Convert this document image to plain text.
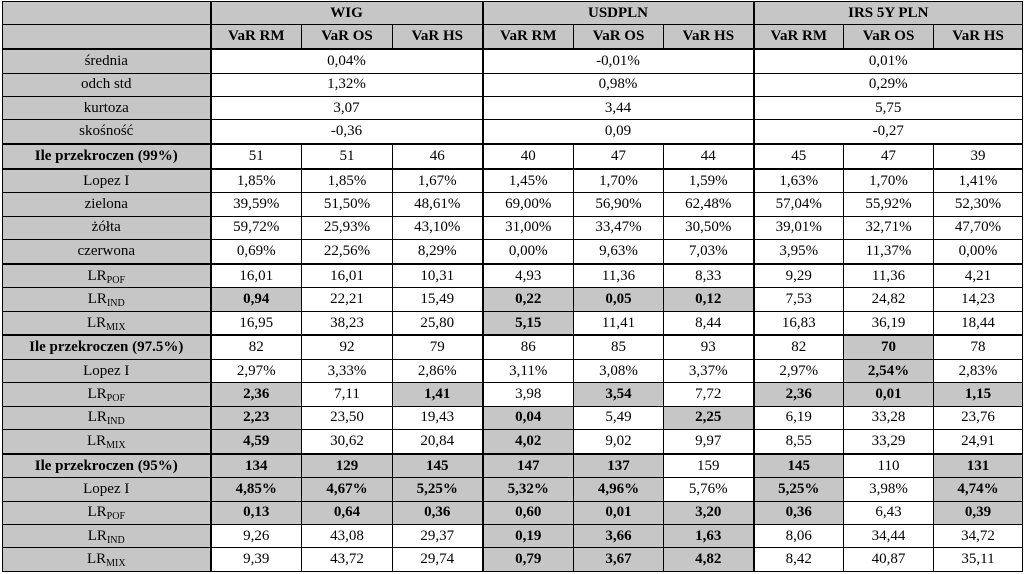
	WIG			USDPLN			IRS 5Y PLN		
	VaR RM	VaR OS	VaR HS	VaR RM	VaR OS	VaR HS	VaR RM	VaR OS	VaR HS
średnia	0,04%			-0,01%			0,01%		
odch std	1,32%			0,98%			0,29%		
kurtoza	3,07			3,44			5,75		
skośność	-0,36			0,09			-0,27		
Ile przekroczen (99%)	51	51	46	40	47	44	45	47	39
Lopez I	1,85%	1,85%	1,67%	1,45%	1,70%	1,59%	1,63%	1,70%	1,41%
zielona	39,59%	51,50%	48,61%	69,00%	56,90%	62,48%	57,04%	55,92%	52,30%
żółta	59,72%	25,93%	43,10%	31,00%	33,47%	30,50%	39,01%	32,71%	47,70%
czerwona	0,69%	22,56%	8,29%	0,00%	9,63%	7,03%	3,95%	11,37%	0,00%
$LR_{POF}$	16,01	16,01	10,31	4,93	11,36	8,33	9,29	11,36	4,21
$LR_{IND}$	0,94	22,21	15,49	0,22	0,05	0,12	7,53	24,82	14,23
$LR_{MIX}$	16,95	38,23	25,80	5,15	11,41	8,44	16,83	36,19	18,44
Ile przekroczen (97.5%)	82	92	79	86	85	93	82	70	78
Lopez I	2,97%	3,33%	2,86%	3,11%	3,08%	3,37%	2,97%	2,54%	2,83%
$LR_{POF}$	2,36	7,11	1,41	3,98	3,54	7,72	2,36	0,01	1,15
$LR_{IND}$	2,23	23,50	19,43	0,04	5,49	2,25	6,19	33,28	23,76
$LR_{MIX}$	4,59	30,62	20,84	4,02	9,02	9,97	8,55	33,29	24,91
Ile przekroczen (95%)	134	129	145	147	137	159	145	110	131
Lopez I	4,85%	4,67%	5,25%	5,32%	4,96%	5,76%	5,25%	3,98%	4,74%
$LR_{POF}$	0,13	0,64	0,36	0,60	0,01	3,20	0,36	6,43	0,39
$LR_{IND}$	9,26	43,08	29,37	0,19	3,66	1,63	8,06	34,44	34,72
$LR_{MIX}$	9,39	43,72	29,74	0,79	3,67	4,82	8,42	40,87	35,11
